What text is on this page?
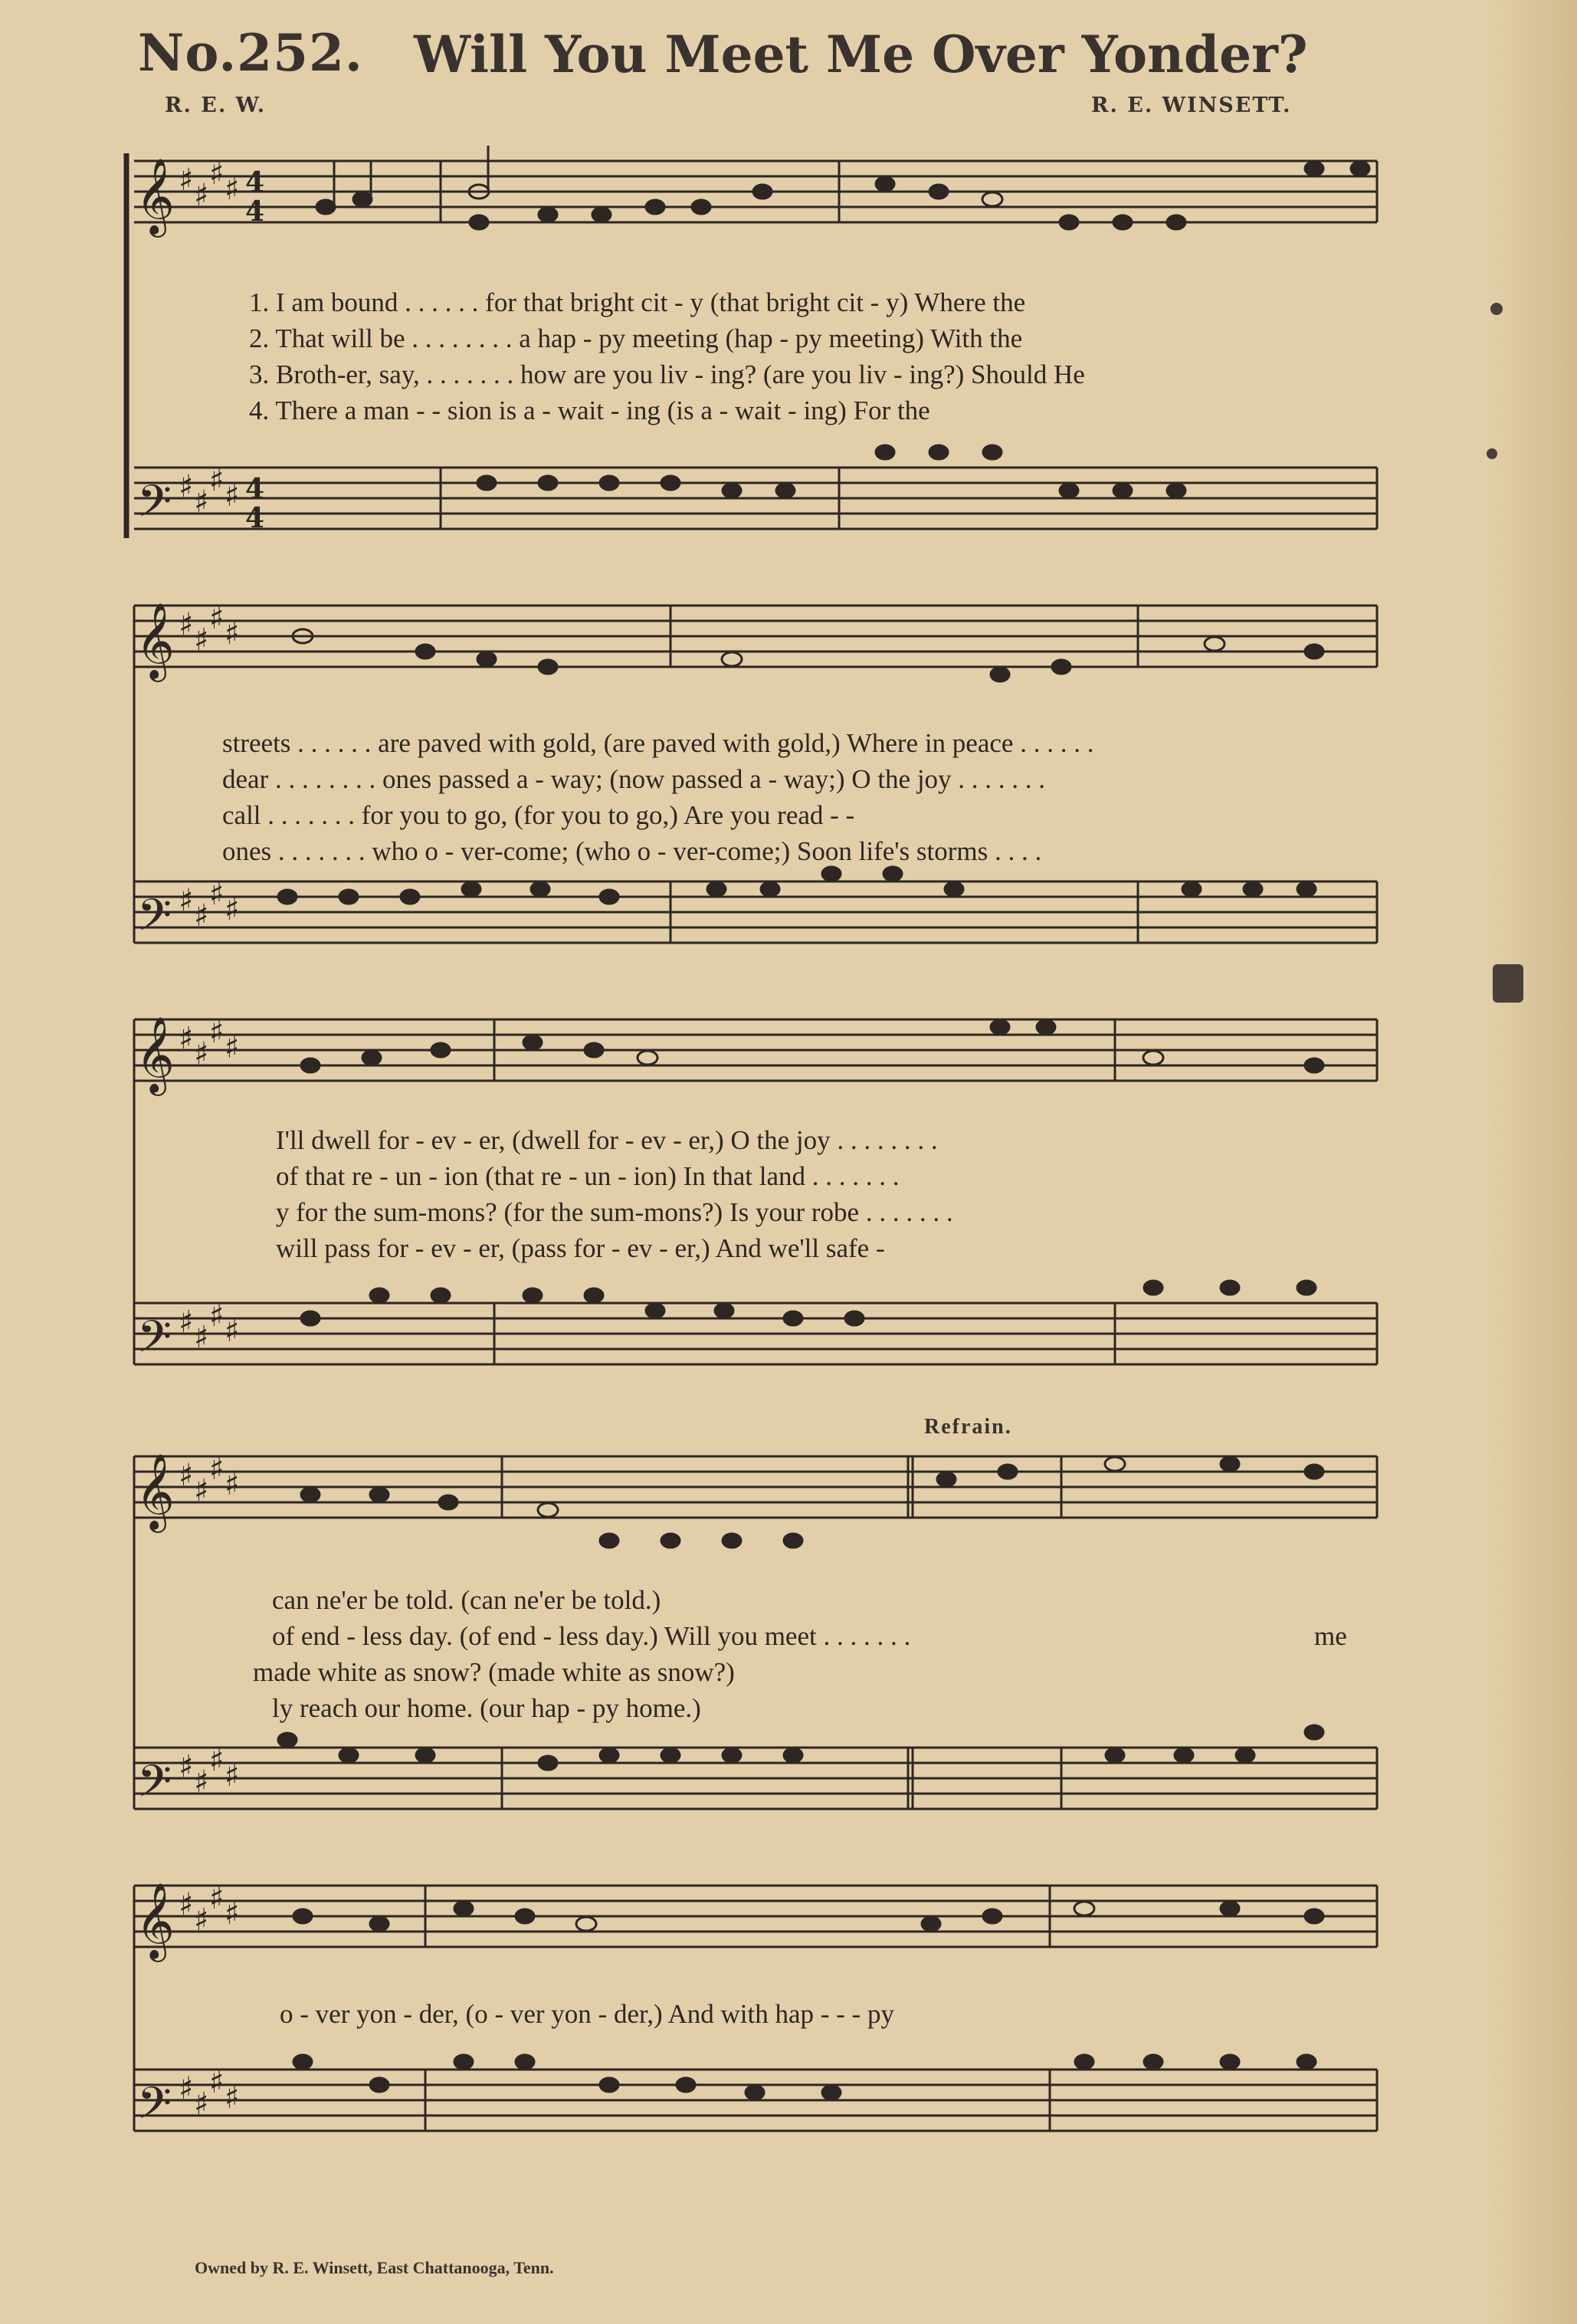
No.252. Will You Meet Me Over Yonder?
R. E. W.	R. E. WINSETT.
𝄞
𝄢
♯ ♯
♯ ♯
♯ ♯
♯ ♯
4
4
4
4
1. I am bound . . . . . . for that bright cit - y (that bright cit - y) Where the
2. That will be . . . . . . . . a hap - py meeting (hap - py meeting) With the
3. Broth-er, say, . . . . . . . how are you liv - ing? (are you liv - ing?) Should He
4. There a man - - sion is a - wait - ing (is a - wait - ing) For the
𝄞
𝄢
♯ ♯
♯ ♯
♯ ♯
♯ ♯
streets . . . . . . are paved with gold, (are paved with gold,) Where in peace . . . . . .
dear . . . . . . . . ones passed a - way; (now passed a - way;) O the joy . . . . . . .
call . . . . . . . for you to go, (for you to go,) Are you read - -
ones . . . . . . . who o - ver-come; (who o - ver-come;) Soon life's storms . . . .
𝄞
𝄢
♯ ♯
♯ ♯
♯ ♯
♯ ♯
I'll dwell for - ev - er, (dwell for - ev - er,) O the joy . . . . . . . .
of that re - un - ion (that re - un - ion) In that land . . . . . . .
y for the sum-mons? (for the sum-mons?) Is your robe . . . . . . .
will pass for - ev - er, (pass for - ev - er,) And we'll safe -
Refrain.
𝄞
𝄢
♯ ♯
♯ ♯
♯ ♯
♯ ♯
can ne'er be told. (can ne'er be told.)
of end - less day. (of end - less day.) Will you meet . . . . . . .	me
made white as snow? (made white as snow?)
ly reach our home. (our hap - py home.)
𝄞
𝄢
♯ ♯
♯ ♯
♯ ♯
♯ ♯
o - ver yon - der, (o - ver yon - der,) And with hap - - - py
Owned by R. E. Winsett, East Chattanooga, Tenn.
